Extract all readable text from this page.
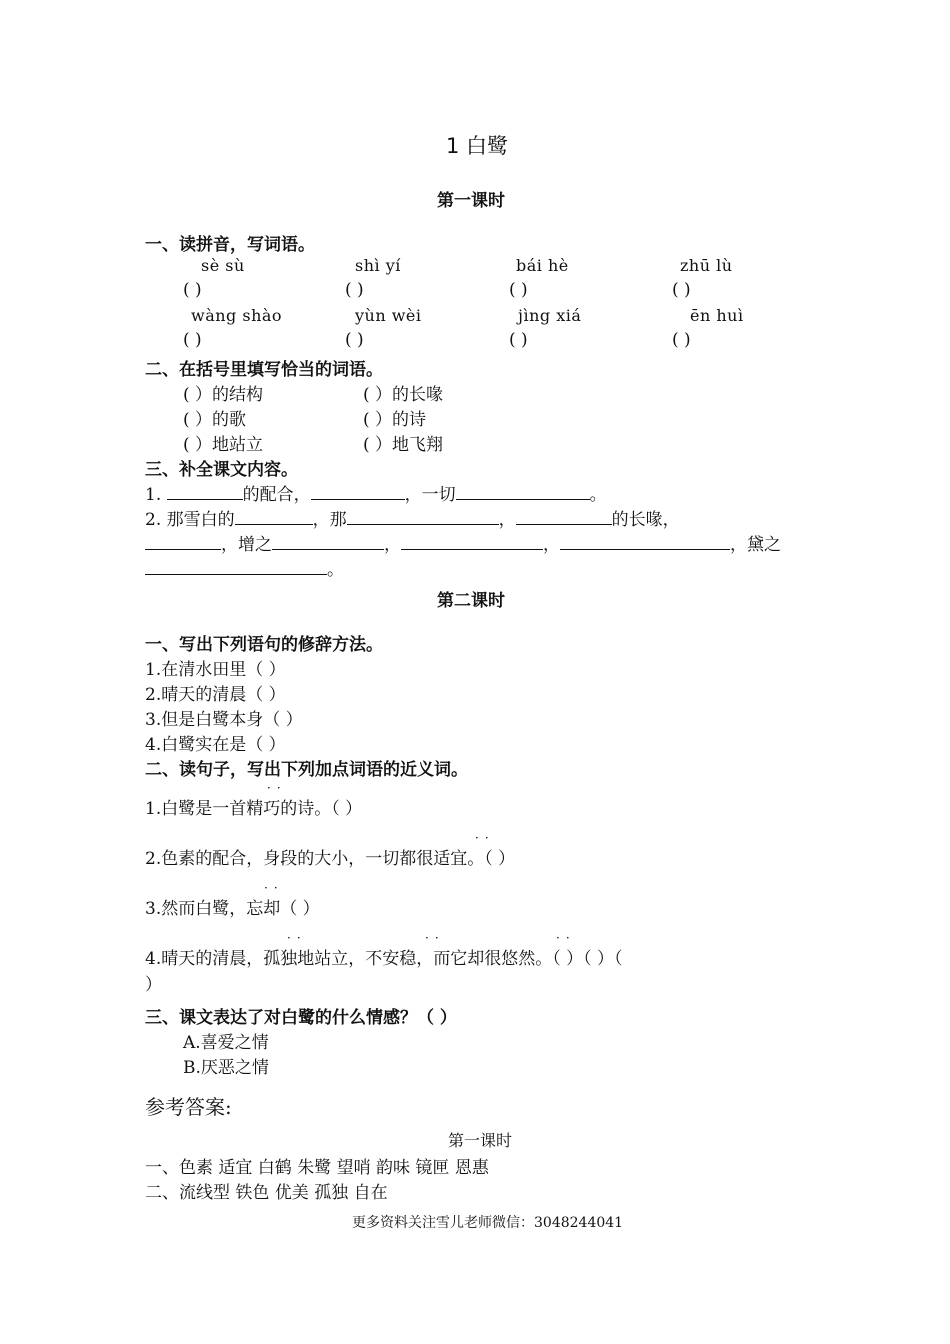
1 白鹭
第一课时
一、读拼音，写词语。
sè sù	shì yí	bái hè	zhū lù
( )	( )	( )	( )
wàng shào	yùn wèi	jìng xiá	ēn huì
( )	( )	( )	( )
二、在括号里填写恰当的词语。
( ）的结构	( ）的长喙
( ）的歌	( ）的诗
( ）地站立	( ）地飞翔
三、补全课文内容。
1.	的配合，	，一切	。
2. 那雪白的	，那	，	的长喙，
，增之	，	，	，黛之
。
第二课时
一、写出下列语句的修辞方法。
1.在清水田里（ ）
2.晴天的清晨（ ）
3.但是白鹭本身（ ）
4.白鹭实在是（ ）
二、读句子，写出下列加点词语的近义词。
··
1.白鹭是一首精巧的诗。（ ）
··
2.色素的配合，身段的大小，一切都很适宜。（ ）
··
3.然而白鹭，忘却（ ）
··	··	··
4.晴天的清晨，孤独地站立，不安稳，而它却很悠然。（ ）（ ）（
）
三、课文表达了对白鹭的什么情感？（ ）
A.喜爱之情
B.厌恶之情
参考答案:
第一课时
一、色素 适宜 白鹤 朱鹭 望哨 韵味 镜匣 恩惠
二、流线型 铁色 优美 孤独 自在
更多资料关注雪儿老师微信：3048244041
